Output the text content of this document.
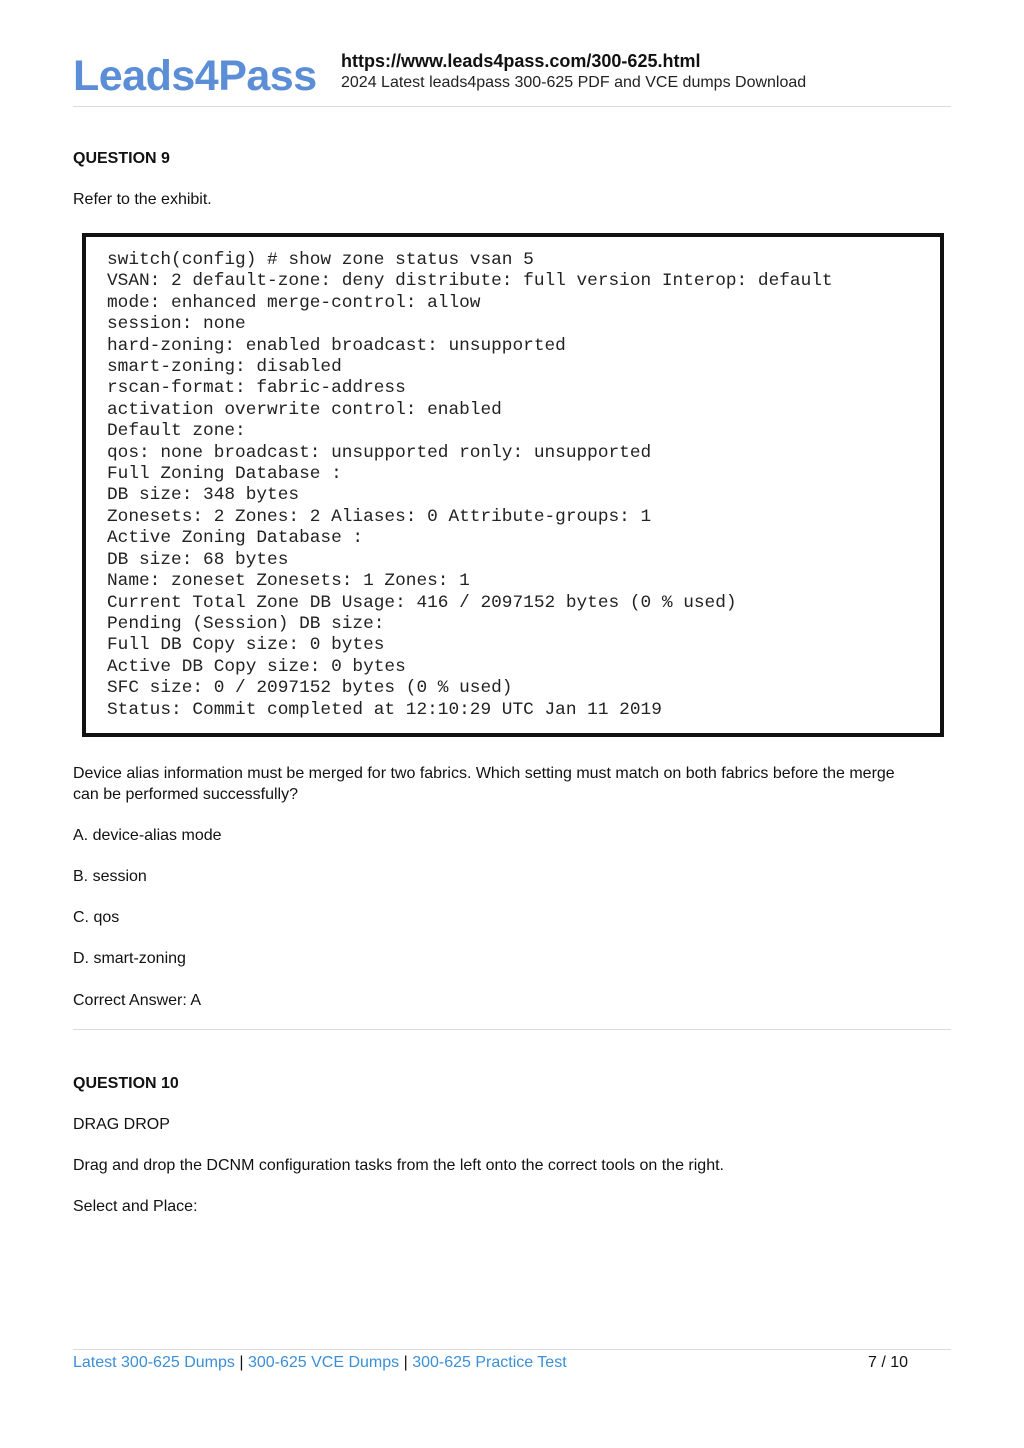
Leads4Pass https://www.leads4pass.com/300-625.html
2024 Latest leads4pass 300-625 PDF and VCE dumps Download
QUESTION 9
Refer to the exhibit.
switch(config) # show zone status vsan 5
VSAN: 2 default-zone: deny distribute: full version Interop: default
mode: enhanced merge-control: allow
session: none
hard-zoning: enabled broadcast: unsupported
smart-zoning: disabled
rscan-format: fabric-address
activation overwrite control: enabled
Default zone:
qos: none broadcast: unsupported ronly: unsupported
Full Zoning Database :
DB size: 348 bytes
Zonesets: 2 Zones: 2 Aliases: 0 Attribute-groups: 1
Active Zoning Database :
DB size: 68 bytes
Name: zoneset Zonesets: 1 Zones: 1
Current Total Zone DB Usage: 416 / 2097152 bytes (0 % used)
Pending (Session) DB size:
Full DB Copy size: 0 bytes
Active DB Copy size: 0 bytes
SFC size: 0 / 2097152 bytes (0 % used)
Status: Commit completed at 12:10:29 UTC Jan 11 2019
Device alias information must be merged for two fabrics. Which setting must match on both fabrics before the merge
can be performed successfully?
A. device-alias mode
B. session
C. qos
D. smart-zoning
Correct Answer: A
QUESTION 10
DRAG DROP
Drag and drop the DCNM configuration tasks from the left onto the correct tools on the right.
Select and Place:
Latest 300-625 Dumps | 300-625 VCE Dumps | 300-625 Practice Test	7 / 10
